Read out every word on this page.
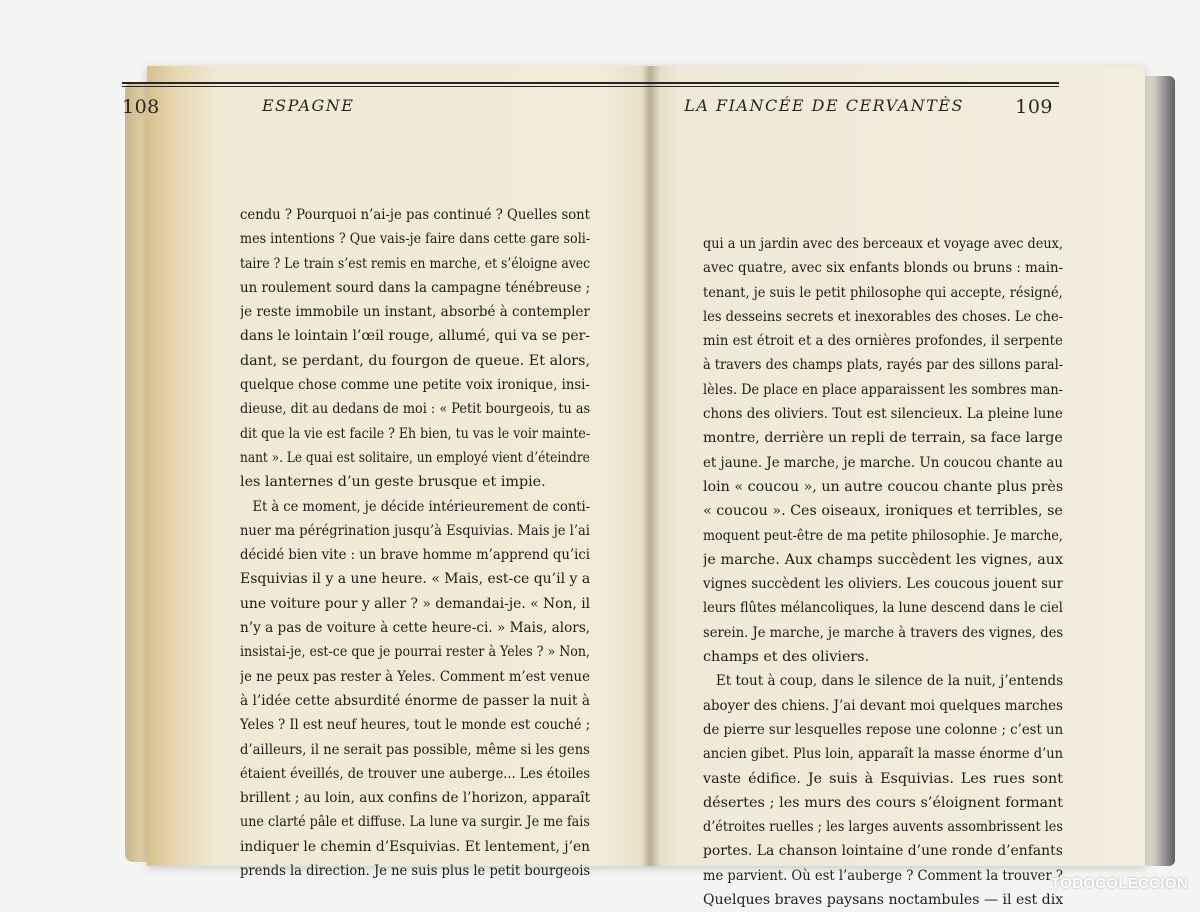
108	ESPAGNE	LA FIANCÉE DE CERVANTÈS	109
cendu ? Pourquoi n’ai-je pas continué ? Quelles sont
mes intentions ? Que vais-je faire dans cette gare soli-
taire ? Le train s’est remis en marche, et s’éloigne avec
un roulement sourd dans la campagne ténébreuse ;
je reste immobile un instant, absorbé à contempler
dans le lointain l’œil rouge, allumé, qui va se per-
dant, se perdant, du fourgon de queue. Et alors,
quelque chose comme une petite voix ironique, insi-
dieuse, dit au dedans de moi : « Petit bourgeois, tu as
dit que la vie est facile ? Eh bien, tu vas le voir mainte-
nant ». Le quai est solitaire, un employé vient d’éteindre
les lanternes d’un geste brusque et impie.
Et à ce moment, je décide intérieurement de conti-
nuer ma pérégrination jusqu’à Esquivias. Mais je l’ai
décidé bien vite : un brave homme m’apprend qu’ici
Esquivias il y a une heure. « Mais, est-ce qu’il y a
une voiture pour y aller ? » demandai-je. « Non, il
n’y a pas de voiture à cette heure-ci. » Mais, alors,
insistai-je, est-ce que je pourrai rester à Yeles ? » Non,
je ne peux pas rester à Yeles. Comment m’est venue
à l’idée cette absurdité énorme de passer la nuit à
Yeles ? Il est neuf heures, tout le monde est couché ;
d’ailleurs, il ne serait pas possible, même si les gens
étaient éveillés, de trouver une auberge... Les étoiles
brillent ; au loin, aux confins de l’horizon, apparaît
une clarté pâle et diffuse. La lune va surgir. Je me fais
indiquer le chemin d’Esquivias. Et lentement, j’en
prends la direction. Je ne suis plus le petit bourgeois
qui a un jardin avec des berceaux et voyage avec deux,
avec quatre, avec six enfants blonds ou bruns : main-
tenant, je suis le petit philosophe qui accepte, résigné,
les desseins secrets et inexorables des choses. Le che-
min est étroit et a des ornières profondes, il serpente
à travers des champs plats, rayés par des sillons paral-
lèles. De place en place apparaissent les sombres man-
chons des oliviers. Tout est silencieux. La pleine lune
montre, derrière un repli de terrain, sa face large
et jaune. Je marche, je marche. Un coucou chante au
loin « coucou », un autre coucou chante plus près
« coucou ». Ces oiseaux, ironiques et terribles, se
moquent peut-être de ma petite philosophie. Je marche,
je marche. Aux champs succèdent les vignes, aux
vignes succèdent les oliviers. Les coucous jouent sur
leurs flûtes mélancoliques, la lune descend dans le ciel
serein. Je marche, je marche à travers des vignes, des
champs et des oliviers.
Et tout à coup, dans le silence de la nuit, j’entends
aboyer des chiens. J’ai devant moi quelques marches
de pierre sur lesquelles repose une colonne ; c’est un
ancien gibet. Plus loin, apparaît la masse énorme d’un
vaste édifice. Je suis à Esquivias. Les rues sont
désertes ; les murs des cours s’éloignent formant
d’étroites ruelles ; les larges auvents assombrissent les
portes. La chanson lointaine d’une ronde d’enfants
me parvient. Où est l’auberge ? Comment la trouver ?
Quelques braves paysans noctambules — il est dix
TODOCOLECCION
